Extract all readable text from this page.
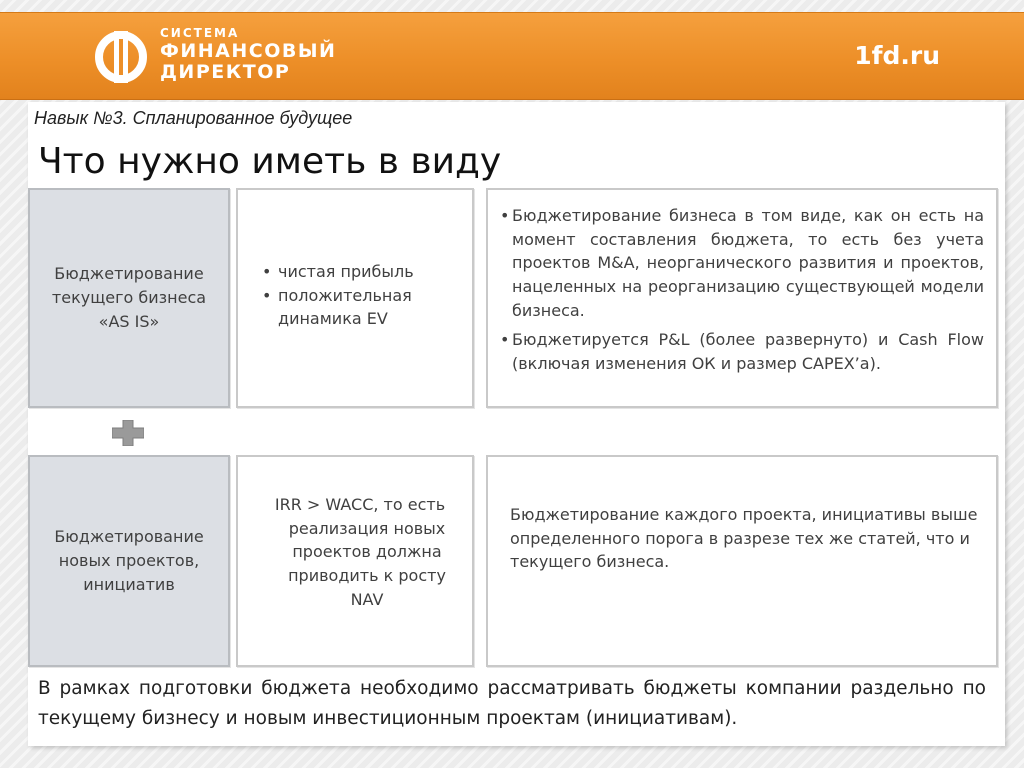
СИСТЕМА
ФИНАНСОВЫЙ
ДИРЕКТОР
1fd.ru
Навык №3. Спланированное будущее
Что нужно иметь в виду
Бюджетирование
текущего бизнеса
«AS IS»
• чистая прибыль
• положительная динамика EV
• Бюджетирование бизнеса в том виде, как он есть на момент составления бюджета, то есть без учета проектов M&A, неорганического развития и проектов, нацеленных на реорганизацию существующей модели бизнеса.
• Бюджетируется P&L (более развернуто) и Cash Flow (включая изменения ОК и размер CAPEX’а).
Бюджетирование
новых проектов,
инициатив
IRR > WACC, то есть реализация новых проектов должна приводить к росту NAV
Бюджетирование каждого проекта, инициативы выше определенного порога в разрезе тех же статей, что и текущего бизнеса.
В рамках подготовки бюджета необходимо рассматривать бюджеты компании раздельно по текущему бизнесу и новым инвестиционным проектам (инициативам).
